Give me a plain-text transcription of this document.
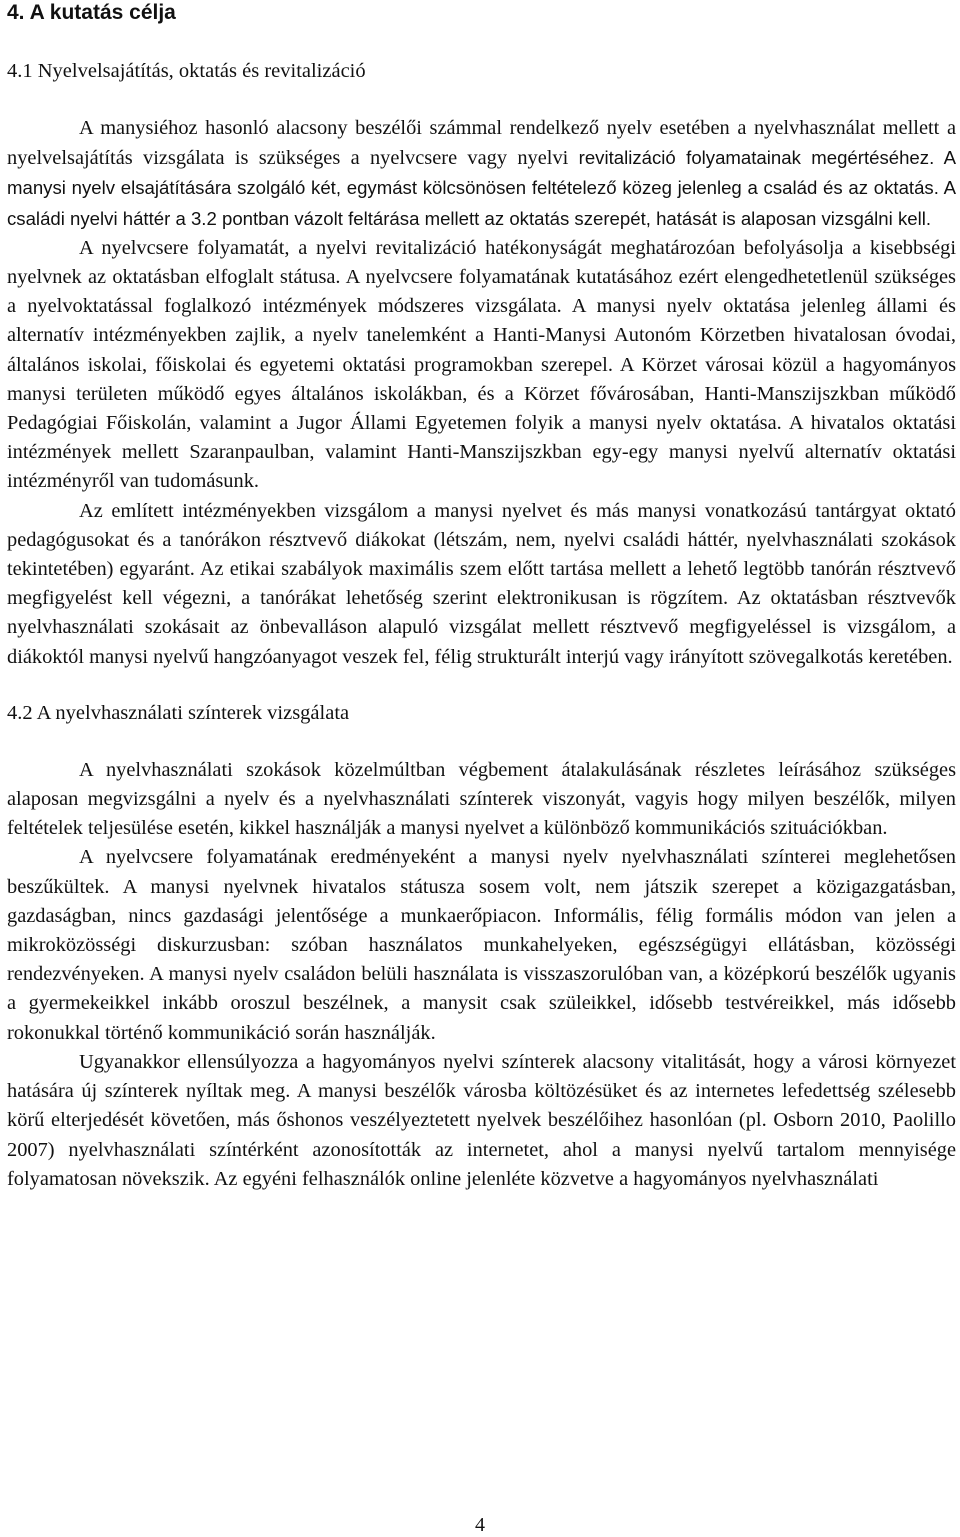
4. A kutatás célja
4.1 Nyelvelsajátítás, oktatás és revitalizáció

A manysiéhoz hasonló alacsony beszélői számmal rendelkező nyelv esetében a nyelvhasználat mellett a nyelvelsajátítás vizsgálata is szükséges a nyelvcsere vagy nyelvi revitalizáció folyamatainak megértéséhez. A manysi nyelv elsajátítására szolgáló két, egymást kölcsönösen feltételező közeg jelenleg a család és az oktatás. A családi nyelvi háttér a 3.2 pontban vázolt feltárása mellett az oktatás szerepét, hatását is alaposan vizsgálni kell.

A nyelvcsere folyamatát, a nyelvi revitalizáció hatékonyságát meghatározóan befolyásolja a kisebbségi nyelvnek az oktatásban elfoglalt státusa. A nyelvcsere folyamatának kutatásához ezért elengedhetetlenül szükséges a nyelvoktatással foglalkozó intézmények módszeres vizsgálata. A manysi nyelv oktatása jelenleg állami és alternatív intézményekben zajlik, a nyelv tanelemként a Hanti-Manysi Autonóm Körzetben hivatalosan óvodai, általános iskolai, főiskolai és egyetemi oktatási programokban szerepel. A Körzet városai közül a hagyományos manysi területen működő egyes általános iskolákban, és a Körzet fővárosában, Hanti-Manszijszkban működő Pedagógiai Főiskolán, valamint a Jugor Állami Egyetemen folyik a manysi nyelv oktatása. A hivatalos oktatási intézmények mellett Szaranpaulban, valamint Hanti-Manszijszkban egy-egy manysi nyelvű alternatív oktatási intézményről van tudomásunk.

Az említett intézményekben vizsgálom a manysi nyelvet és más manysi vonatkozású tantárgyat oktató pedagógusokat és a tanórákon résztvevő diákokat (létszám, nem, nyelvi családi háttér, nyelvhasználati szokások tekintetében) egyaránt. Az etikai szabályok maximális szem előtt tartása mellett a lehető legtöbb tanórán résztvevő megfigyelést kell végezni, a tanórákat lehetőség szerint elektronikusan is rögzítem. Az oktatásban résztvevők nyelvhasználati szokásait az önbevalláson alapuló vizsgálat mellett résztvevő megfigyeléssel is vizsgálom, a diákoktól manysi nyelvű hangzóanyagot veszek fel, félig strukturált interjú vagy irányított szövegalkotás keretében.

4.2 A nyelvhasználati színterek vizsgálata

A nyelvhasználati szokások közelmúltban végbement átalakulásának részletes leírásához szükséges alaposan megvizsgálni a nyelv és a nyelvhasználati színterek viszonyát, vagyis hogy milyen beszélők, milyen feltételek teljesülése esetén, kikkel használják a manysi nyelvet a különböző kommunikációs szituációkban.

A nyelvcsere folyamatának eredményeként a manysi nyelv nyelvhasználati színterei meglehetősen beszűkültek. A manysi nyelvnek hivatalos státusza sosem volt, nem játszik szerepet a közigazgatásban, gazdaságban, nincs gazdasági jelentősége a munkaerőpiacon. Informális, félig formális módon van jelen a mikroközösségi diskurzusban: szóban használatos munkahelyeken, egészségügyi ellátásban, közösségi rendezvényeken. A manysi nyelv családon belüli használata is visszaszorulóban van, a középkorú beszélők ugyanis a gyermekeikkel inkább oroszul beszélnek, a manysit csak szüleikkel, idősebb testvéreikkel, más idősebb rokonukkal történő kommunikáció során használják.

Ugyanakkor ellensúlyozza a hagyományos nyelvi színterek alacsony vitalitását, hogy a városi környezet hatására új színterek nyíltak meg. A manysi beszélők városba költözésüket és az internetes lefedettség szélesebb körű elterjedését követően, más őshonos veszélyeztetett nyelvek beszélőihez hasonlóan (pl. Osborn 2010, Paolillo 2007) nyelvhasználati színtérként azonosították az internetet, ahol a manysi nyelvű tartalom mennyisége folyamatosan növekszik. Az egyéni felhasználók online jelenléte közvetve a hagyományos nyelvhasználati

4
